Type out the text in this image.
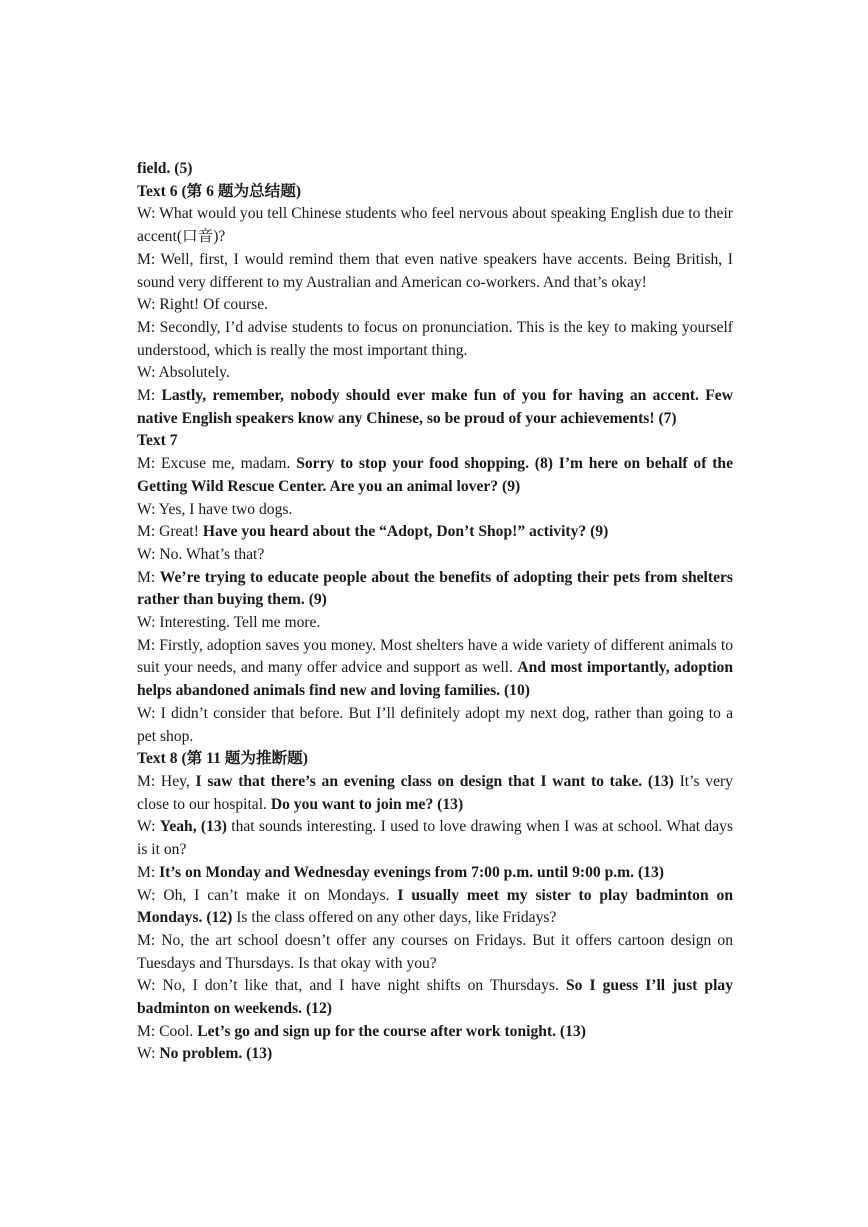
field. (5)

Text 6 (第 6 题为总结题)

W: What would you tell Chinese students who feel nervous about speaking English due to their accent(口音)?

M: Well, first, I would remind them that even native speakers have accents. Being British, I sound very different to my Australian and American co-workers. And that’s okay!

W: Right! Of course.

M: Secondly, I’d advise students to focus on pronunciation. This is the key to making yourself understood, which is really the most important thing.

W: Absolutely.

M: Lastly, remember, nobody should ever make fun of you for having an accent. Few native English speakers know any Chinese, so be proud of your achievements! (7)

Text 7

M: Excuse me, madam. Sorry to stop your food shopping. (8) I’m here on behalf of the Getting Wild Rescue Center. Are you an animal lover? (9)

W: Yes, I have two dogs.

M: Great! Have you heard about the “Adopt, Don’t Shop!” activity? (9)

W: No. What’s that?

M: We’re trying to educate people about the benefits of adopting their pets from shelters rather than buying them. (9)

W: Interesting. Tell me more.

M: Firstly, adoption saves you money. Most shelters have a wide variety of different animals to suit your needs, and many offer advice and support as well. And most importantly, adoption helps abandoned animals find new and loving families. (10)

W: I didn’t consider that before. But I’ll definitely adopt my next dog, rather than going to a pet shop.

Text 8 (第 11 题为推断题)

M: Hey, I saw that there’s an evening class on design that I want to take. (13) It’s very close to our hospital. Do you want to join me? (13)

W: Yeah, (13) that sounds interesting. I used to love drawing when I was at school. What days is it on?

M: It’s on Monday and Wednesday evenings from 7:00 p.m. until 9:00 p.m. (13)

W: Oh, I can’t make it on Mondays. I usually meet my sister to play badminton on Mondays. (12) Is the class offered on any other days, like Fridays?

M: No, the art school doesn’t offer any courses on Fridays. But it offers cartoon design on Tuesdays and Thursdays. Is that okay with you?

W: No, I don’t like that, and I have night shifts on Thursdays. So I guess I’ll just play badminton on weekends. (12)

M: Cool. Let’s go and sign up for the course after work tonight. (13)

W: No problem. (13)
